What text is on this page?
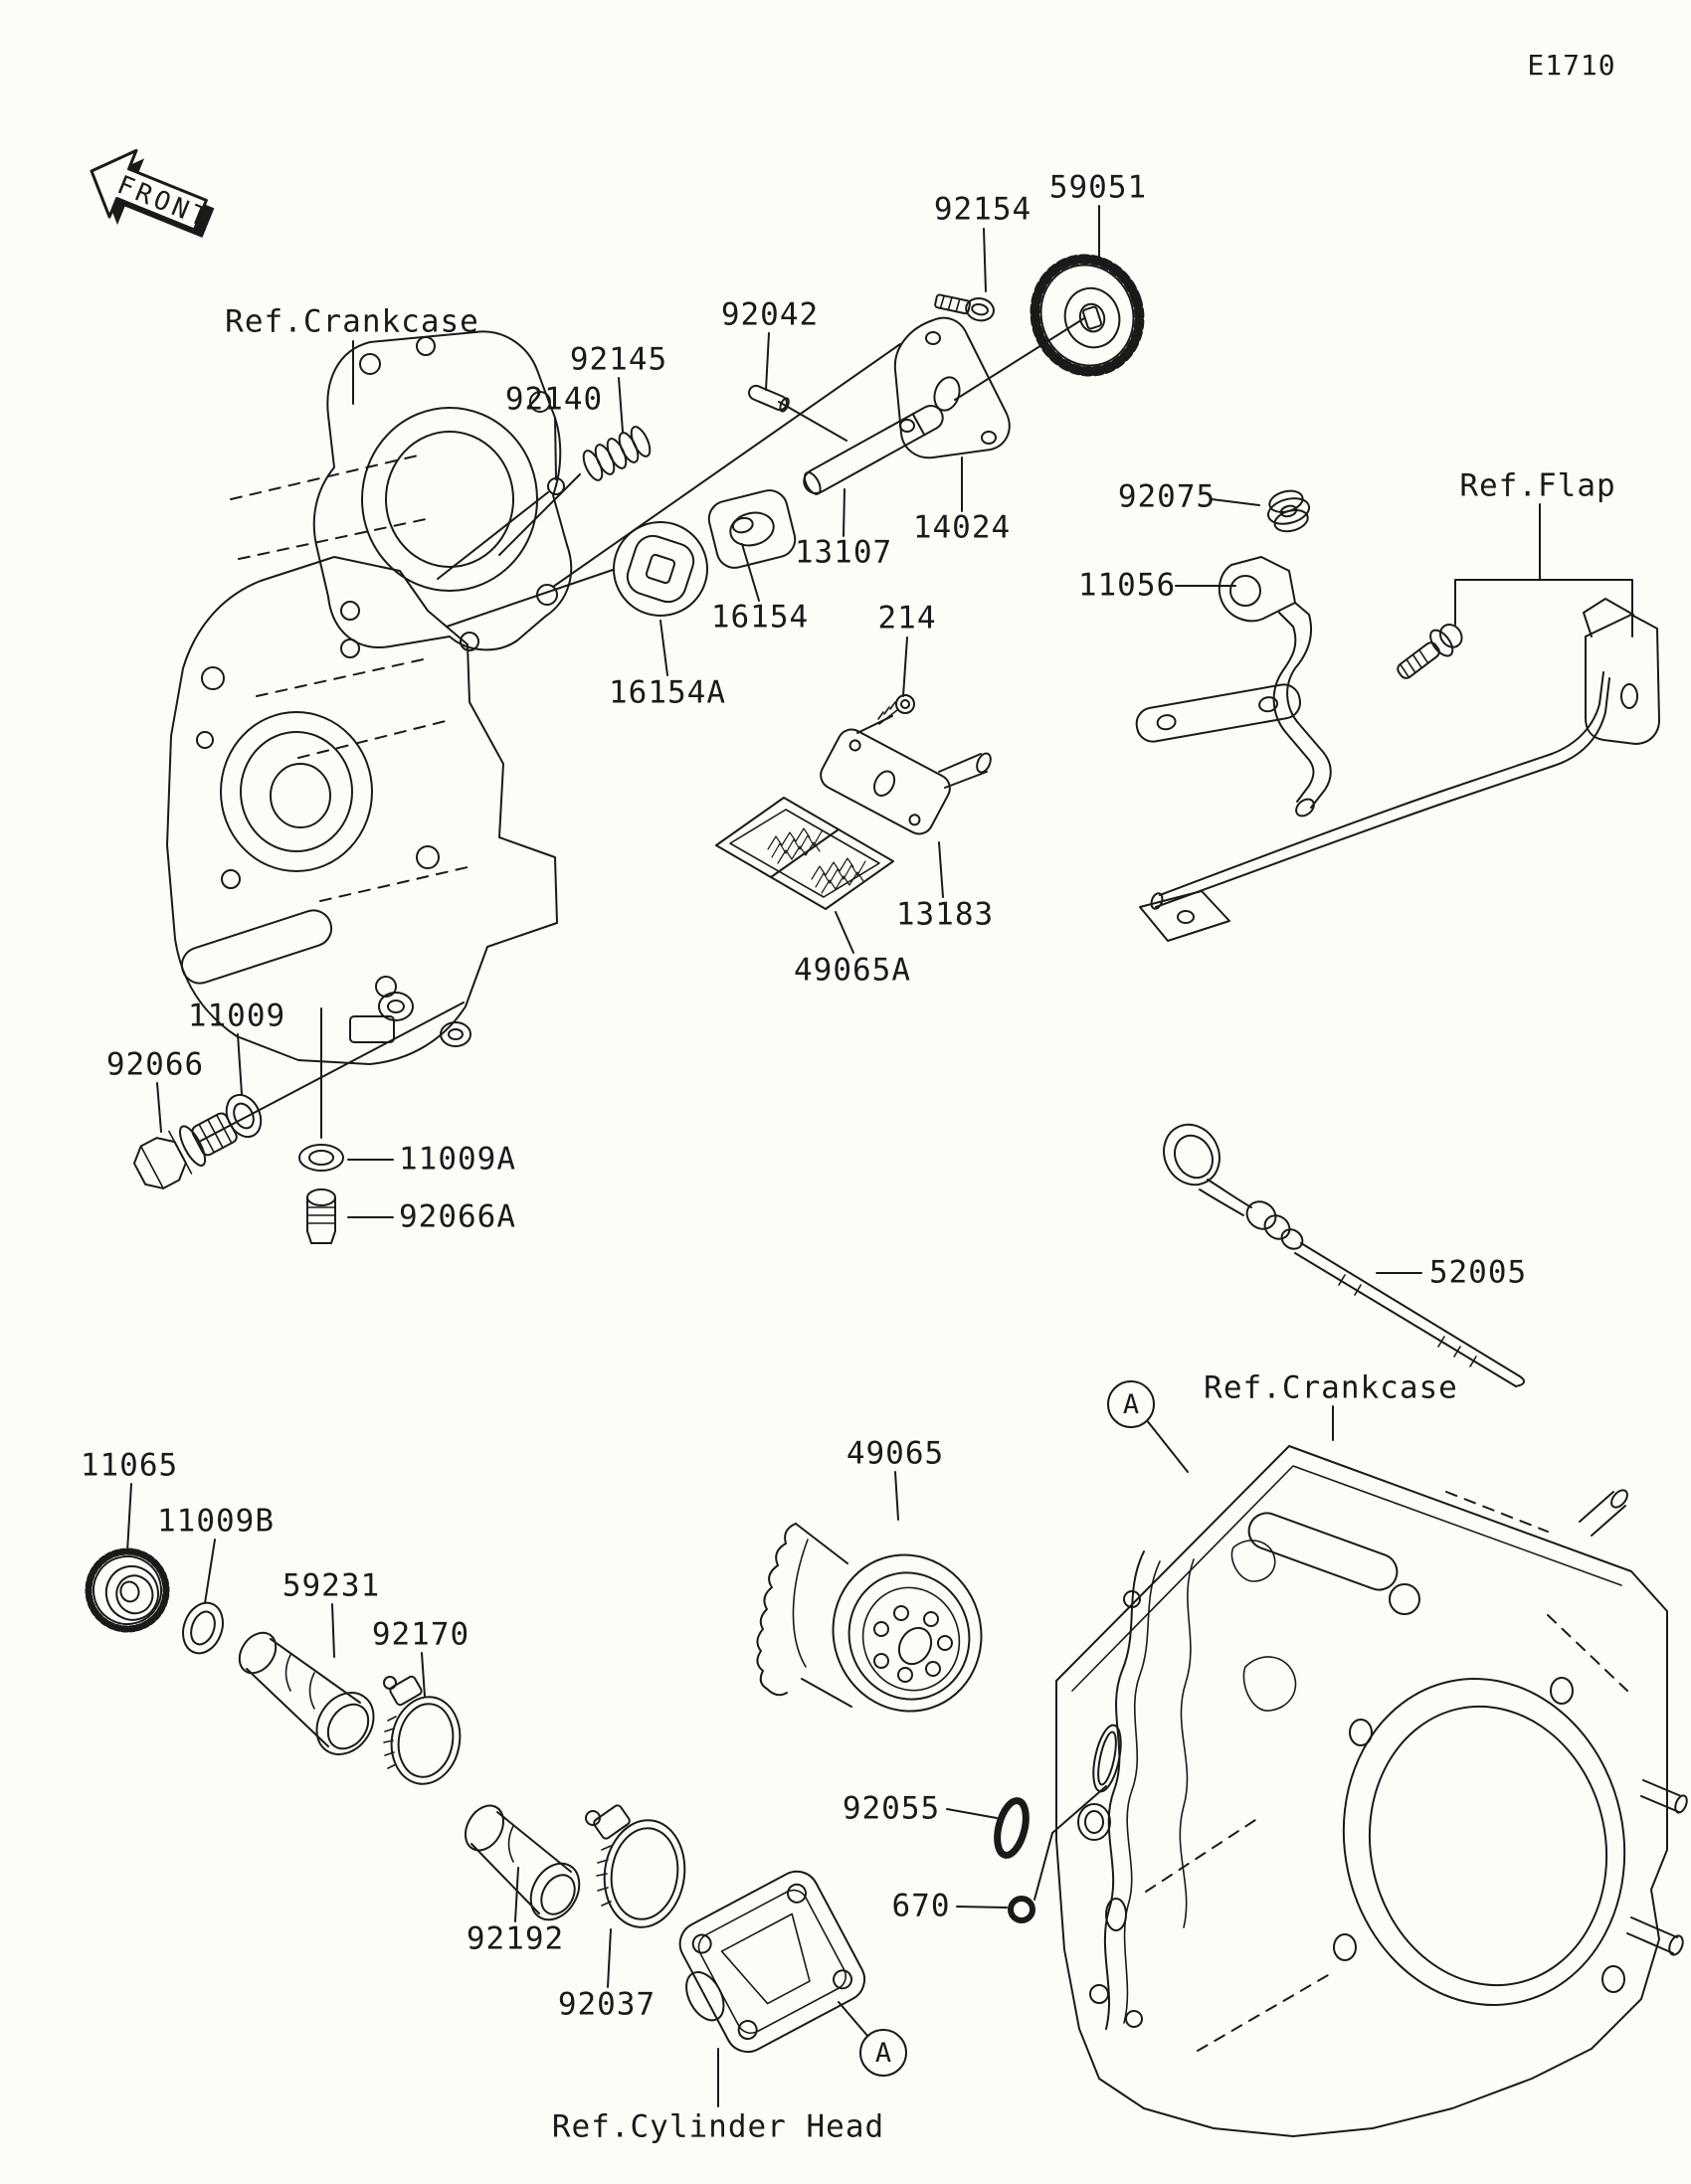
FRONT
E1710
Ref.Crankcase
92154
59051
92042
92145
92140
13107
14024
16154
16154A
214
92075
11056
Ref.Flap
13183
49065A
11009
92066
11009A
92066A
52005
Ref.Crankcase
11065
11009B
59231
92170
49065
92055
670
92192
92037
Ref.Cylinder Head
A
A
